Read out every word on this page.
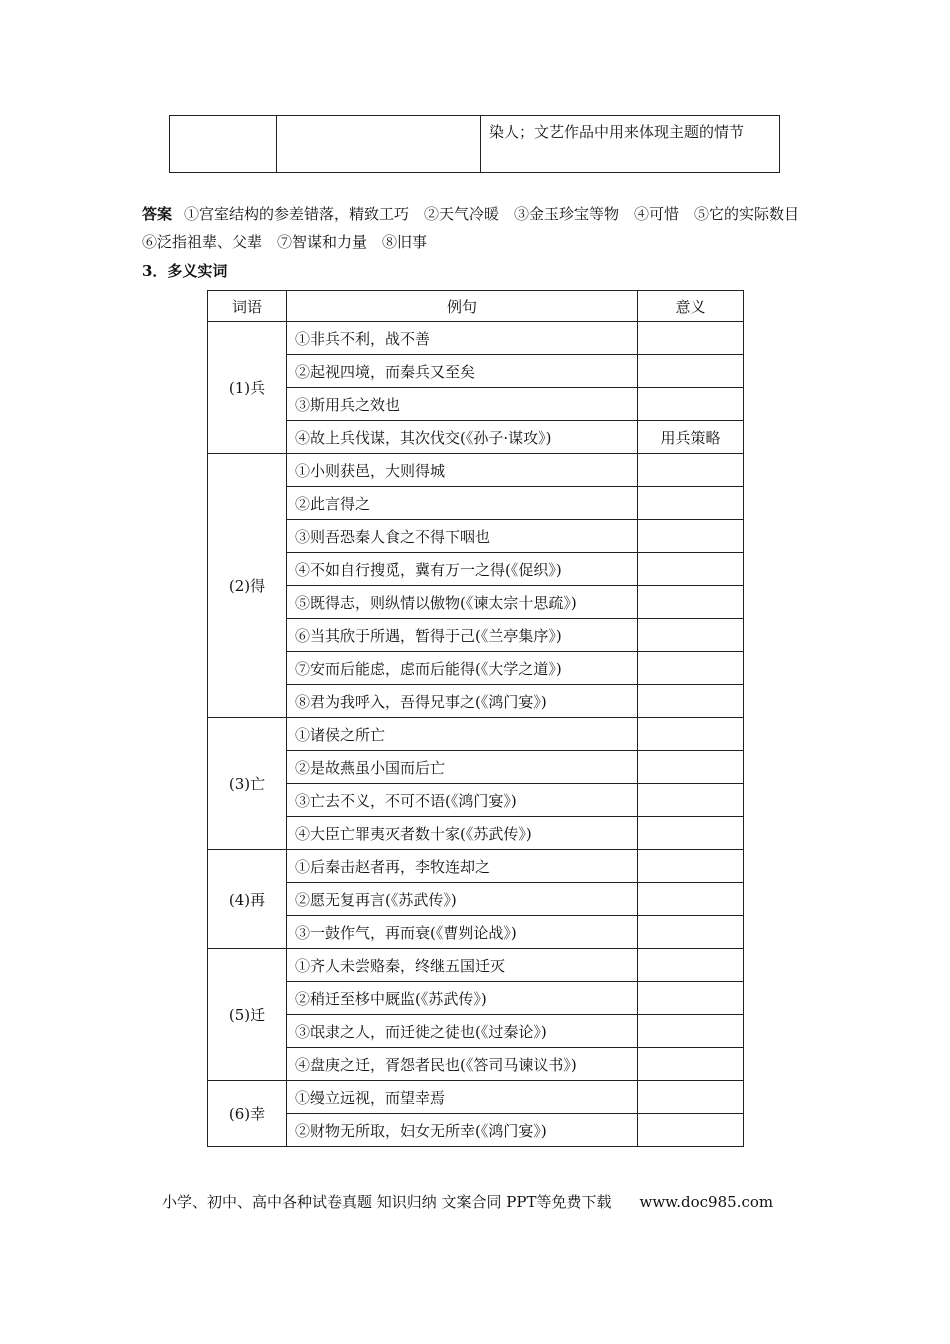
		染人；文艺作品中用来体现主题的情节
答案 ①宫室结构的参差错落，精致工巧　②天气冷暖　③金玉珍宝等物　④可惜　⑤它的实际数目　⑥泛指祖辈、父辈　⑦智谋和力量　⑧旧事
3．多义实词
词语	例句	意义
(1)兵	①非兵不利，战不善	
	②起视四境，而秦兵又至矣	
	③斯用兵之效也	
	④故上兵伐谋，其次伐交(《孙子·谋攻》)	用兵策略
(2)得	①小则获邑，大则得城	
	②此言得之	
	③则吾恐秦人食之不得下咽也	
	④不如自行搜觅，冀有万一之得(《促织》)	
	⑤既得志，则纵情以傲物(《谏太宗十思疏》)	
	⑥当其欣于所遇，暂得于己(《兰亭集序》)	
	⑦安而后能虑，虑而后能得(《大学之道》)	
	⑧君为我呼入，吾得兄事之(《鸿门宴》)	
(3)亡	①诸侯之所亡	
	②是故燕虽小国而后亡	
	③亡去不义，不可不语(《鸿门宴》)	
	④大臣亡罪夷灭者数十家(《苏武传》)	
(4)再	①后秦击赵者再，李牧连却之	
	②愿无复再言(《苏武传》)	
	③一鼓作气，再而衰(《曹刿论战》)	
(5)迁	①齐人未尝赂秦，终继五国迁灭	
	②稍迁至栘中厩监(《苏武传》)	
	③氓隶之人，而迁徙之徒也(《过秦论》)	
	④盘庚之迁，胥怨者民也(《答司马谏议书》)	
(6)幸	①缦立远视，而望幸焉	
	②财物无所取，妇女无所幸(《鸿门宴》)	
小学、初中、高中各种试卷真题 知识归纳 文案合同 PPT等免费下载 www.doc985.com
